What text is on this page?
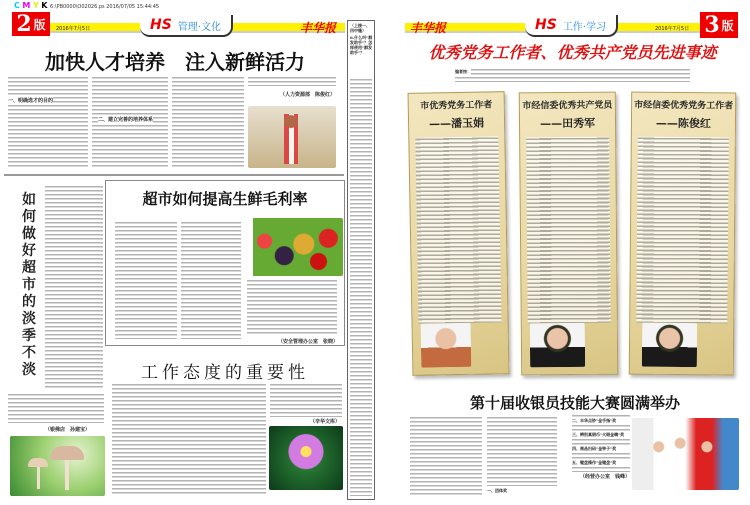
C M Y K 6:\PB0000\O02026.ps 2016/07/05 15:44:45
2 版 2016年7月5日	HS 管理·文化	丰华报
加快人才培养　注入新鲜活力
一、明确选才的目的
二、建立完善的培养体系
（人力资源部　陈俊红）
如何做好超市的淡季不淡
（银佛店　孙建宝）
超市如何提高生鲜毛利率
（安全管理办公室　张晓）
工作态度的重要性
（辛华文库）
（上接一、四中缝）
6.什么叫"群发助手"？怎样使用"群发助手"？
丰华报	HS 工作·学习	2016年7月5日 3 版
优秀党务工作者、优秀共产党员先进事迹
编者按：
市优秀党务工作者
——潘玉娟
市经信委优秀共产党员
——田秀军
市经信委优秀党务工作者
——陈俊红
第十届收银员技能大赛圆满举办
一、团体奖
二、丰华点钞"金手指"奖
三、辨别真假币"火眼金睛"奖
四、商品扫码"金钟子"奖
五、键盘操作"金键盘"奖
（经营办公室　钱峰）
